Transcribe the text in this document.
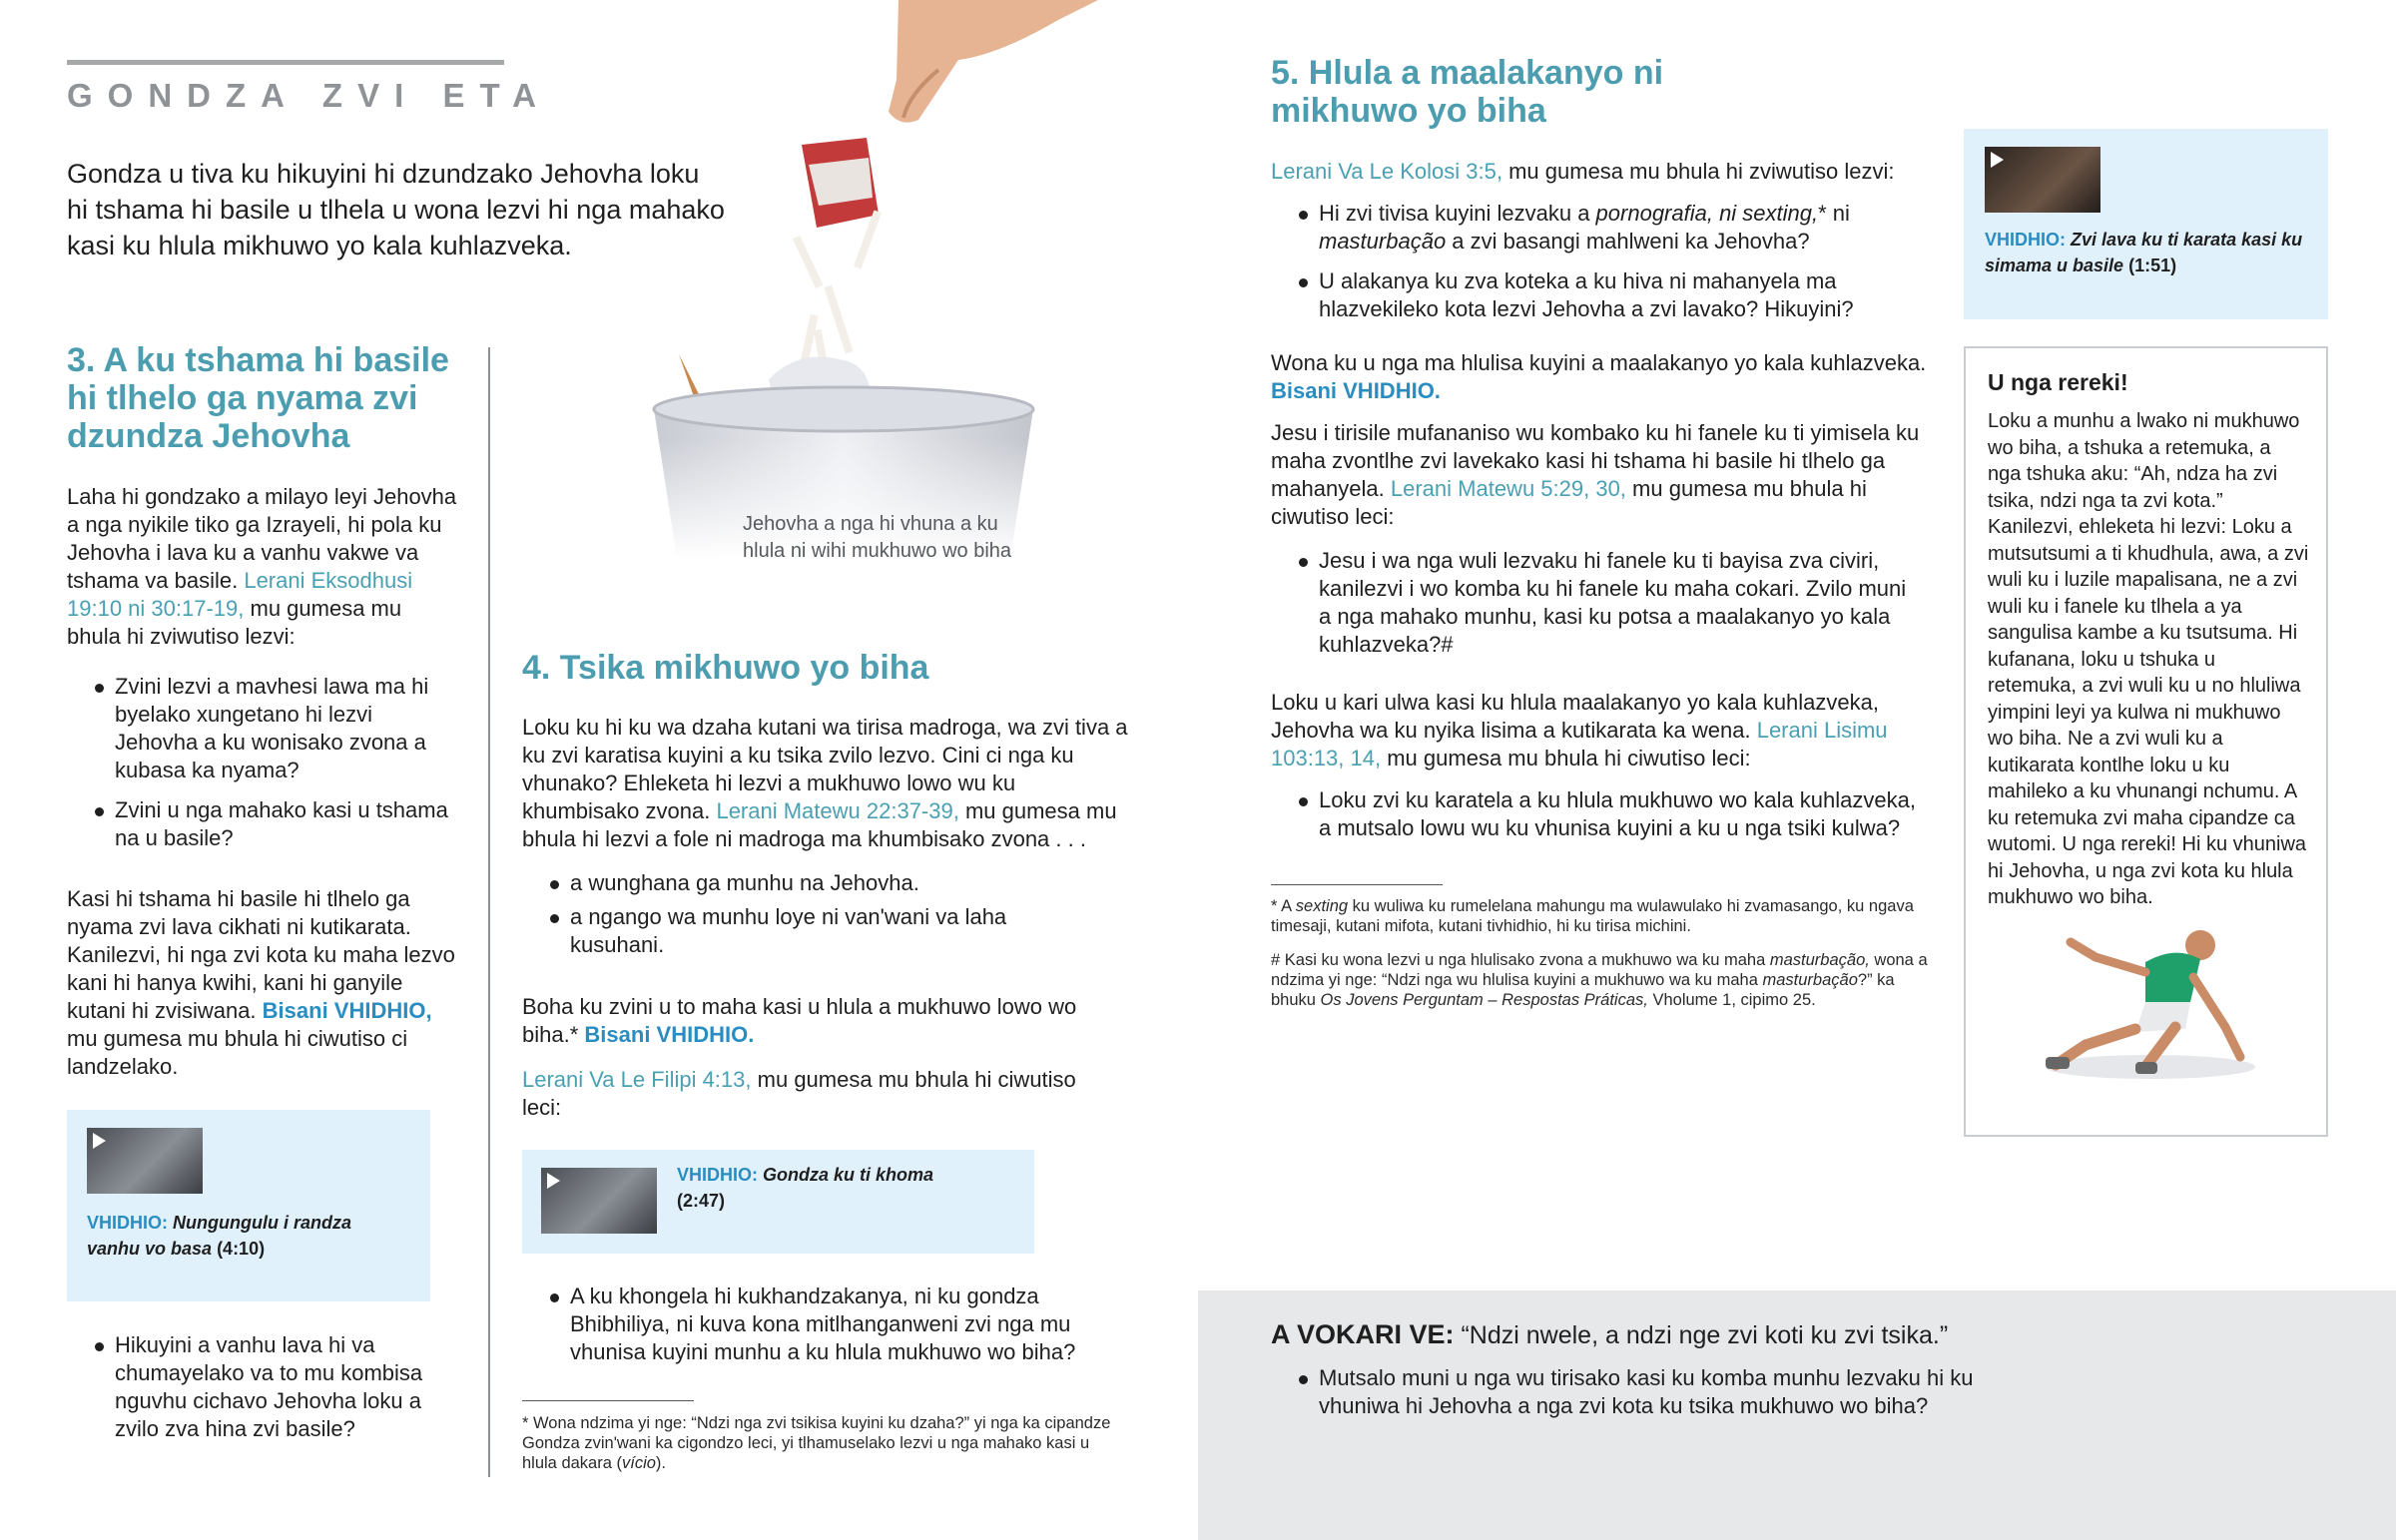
GONDZA ZVI ETA

Gondza u tiva ku hikuyini hi dzundzako Jehovha loku hi tshama hi basile u tlhela u wona lezvi hi nga mahako kasi ku hlula mikhuwo yo kala kuhlazveka.

Jehovha a nga hi vhuna a ku hlula ni wihi mukhuwo wo biha

3. A ku tshama hi basile hi tlhelo ga nyama zvi dzundza Jehovha

Laha hi gondzako a milayo leyi Jehovha a nga nyikile tiko ga Izrayeli, hi pola ku Jehovha i lava ku a vanhu vakwe va tshama va basile. Lerani Eksodhusi 19:10 ni 30:17-19, mu gumesa mu bhula hi zviwutiso lezvi:

Zvini lezvi a mavhesi lawa ma hi byelako xungetano hi lezvi Jehovha a ku wonisako zvona a kubasa ka nyama?
Zvini u nga mahako kasi u tshama na u basile?

Kasi hi tshama hi basile hi tlhelo ga nyama zvi lava cikhati ni kutikarata. Kanilezvi, hi nga zvi kota ku maha lezvo kani hi hanya kwihi, kani hi ganyile kutani hi zvisiwana. Bisani VHIDHIO, mu gumesa mu bhula hi ciwutiso ci landzelako.

VHIDHIO: Nungungulu i randza vanhu vo basa (4:10)

Hikuyini a vanhu lava hi va chumayelako va to mu kombisa nguvhu cichavo Jehovha loku a zvilo zva hina zvi basile?
4. Tsika mikhuwo yo biha

Loku ku hi ku wa dzaha kutani wa tirisa madroga, wa zvi tiva a ku zvi karatisa kuyini a ku tsika zvilo lezvo. Cini ci nga ku vhunako? Ehleketa hi lezvi a mukhuwo lowo wu ku khumbisako zvona. Lerani Matewu 22:37-39, mu gumesa mu bhula hi lezvi a fole ni madroga ma khumbisako zvona . . .

a wunghana ga munhu na Jehovha.
a ngango wa munhu loye ni van'wani va laha kusuhani.

Boha ku zvini u to maha kasi u hlula a mukhuwo lowo wo biha.* Bisani VHIDHIO.

Lerani Va Le Filipi 4:13, mu gumesa mu bhula hi ciwutiso leci:

VHIDHIO: Gondza ku ti khoma
(2:47)

A ku khongela hi kukhandzakanya, ni ku gondza Bhibhiliya, ni kuva kona mitlhanganweni zvi nga mu vhunisa kuyini munhu a ku hlula mukhuwo wo biha?

* Wona ndzima yi nge: “Ndzi nga zvi tsikisa kuyini ku dzaha?” yi nga ka cipandze Gondza zvin'wani ka cigondzo leci, yi tlhamuselako lezvi u nga mahako kasi u hlula dakara (vício).

5. Hlula a maalakanyo ni mikhuwo yo biha

Lerani Va Le Kolosi 3:5, mu gumesa mu bhula hi zviwutiso lezvi:

Hi zvi tivisa kuyini lezvaku a pornografia, ni sexting,* ni masturbação a zvi basangi mahlweni ka Jehovha?
U alakanya ku zva koteka a ku hiva ni mahanyela ma hlazvekileko kota lezvi Jehovha a zvi lavako? Hikuyini?

Wona ku u nga ma hlulisa kuyini a maalakanyo yo kala kuhlazveka. Bisani VHIDHIO.

Jesu i tirisile mufananiso wu kombako ku hi fanele ku ti yimisela ku maha zvontlhe zvi lavekako kasi hi tshama hi basile hi tlhelo ga mahanyela. Lerani Matewu 5:29, 30, mu gumesa mu bhula hi ciwutiso leci:

Jesu i wa nga wuli lezvaku hi fanele ku ti bayisa zva civiri, kanilezvi i wo komba ku hi fanele ku maha cokari. Zvilo muni a nga mahako munhu, kasi ku potsa a maalakanyo yo kala kuhlazveka?#

Loku u kari ulwa kasi ku hlula maalakanyo yo kala kuhlazveka, Jehovha wa ku nyika lisima a kutikarata ka wena. Lerani Lisimu 103:13, 14, mu gumesa mu bhula hi ciwutiso leci:

Loku zvi ku karatela a ku hlula mukhuwo wo kala kuhlazveka, a mutsalo lowu wu ku vhunisa kuyini a ku u nga tsiki kulwa?

* A sexting ku wuliwa ku rumelelana mahungu ma wulawulako hi zvamasango, ku ngava timesaji, kutani mifota, kutani tivhidhio, hi ku tirisa michini.

# Kasi ku wona lezvi u nga hlulisako zvona a mukhuwo wa ku maha masturbação, wona a ndzima yi nge: “Ndzi nga wu hlulisa kuyini a mukhuwo wa ku maha masturbação?” ka bhuku Os Jovens Perguntam – Respostas Práticas, Vholume 1, cipimo 25.

VHIDHIO: Zvi lava ku ti karata kasi ku simama u basile (1:51)

U nga rereki!

Loku a munhu a lwako ni mukhuwo wo biha, a tshuka a retemuka, a nga tshuka aku: “Ah, ndza ha zvi tsika, ndzi nga ta zvi kota.” Kanilezvi, ehleketa hi lezvi: Loku a mutsutsumi a ti khudhula, awa, a zvi wuli ku i luzile mapalisana, ne a zvi wuli ku i fanele ku tlhela a ya sangulisa kambe a ku tsutsuma. Hi kufanana, loku u tshuka u retemuka, a zvi wuli ku u no hluliwa yimpini leyi ya kulwa ni mukhuwo wo biha. Ne a zvi wuli ku a kutikarata kontlhe loku u ku mahileko a ku vhunangi nchumu. A ku retemuka zvi maha cipandze ca wutomi. U nga rereki! Hi ku vhuniwa hi Jehovha, u nga zvi kota ku hlula mukhuwo wo biha.

A VOKARI VE: “Ndzi nwele, a ndzi nge zvi koti ku zvi tsika.”

Mutsalo muni u nga wu tirisako kasi ku komba munhu lezvaku hi ku vhuniwa hi Jehovha a nga zvi kota ku tsika mukhuwo wo biha?
